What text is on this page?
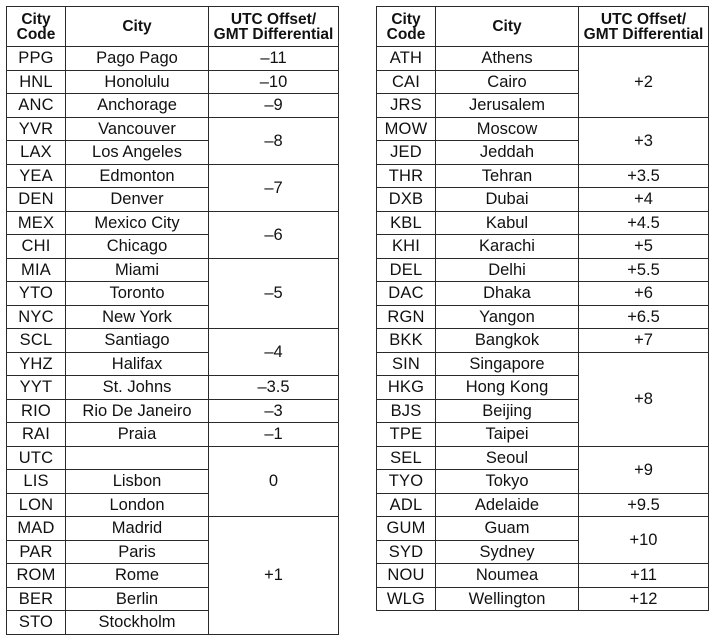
City
Code	City	UTC Offset/
GMT Differential
PPG	Pago Pago	–11
HNL	Honolulu	–10
ANC	Anchorage	–9
YVR	Vancouver	–8
LAX	Los Angeles	
YEA	Edmonton	–7
DEN	Denver	
MEX	Mexico City	–6
CHI	Chicago	
MIA	Miami	–5
YTO	Toronto	
NYC	New York	
SCL	Santiago	–4
YHZ	Halifax	
YYT	St. Johns	–3.5
RIO	Rio De Janeiro	–3
RAI	Praia	–1
UTC		0
LIS	Lisbon	
LON	London	
MAD	Madrid	+1
PAR	Paris	
ROM	Rome	
BER	Berlin	
STO	Stockholm	
City
Code	City	UTC Offset/
GMT Differential
ATH	Athens	+2
CAI	Cairo	
JRS	Jerusalem	
MOW	Moscow	+3
JED	Jeddah	
THR	Tehran	+3.5
DXB	Dubai	+4
KBL	Kabul	+4.5
KHI	Karachi	+5
DEL	Delhi	+5.5
DAC	Dhaka	+6
RGN	Yangon	+6.5
BKK	Bangkok	+7
SIN	Singapore	+8
HKG	Hong Kong	
BJS	Beijing	
TPE	Taipei	
SEL	Seoul	+9
TYO	Tokyo	
ADL	Adelaide	+9.5
GUM	Guam	+10
SYD	Sydney	
NOU	Noumea	+11
WLG	Wellington	+12
